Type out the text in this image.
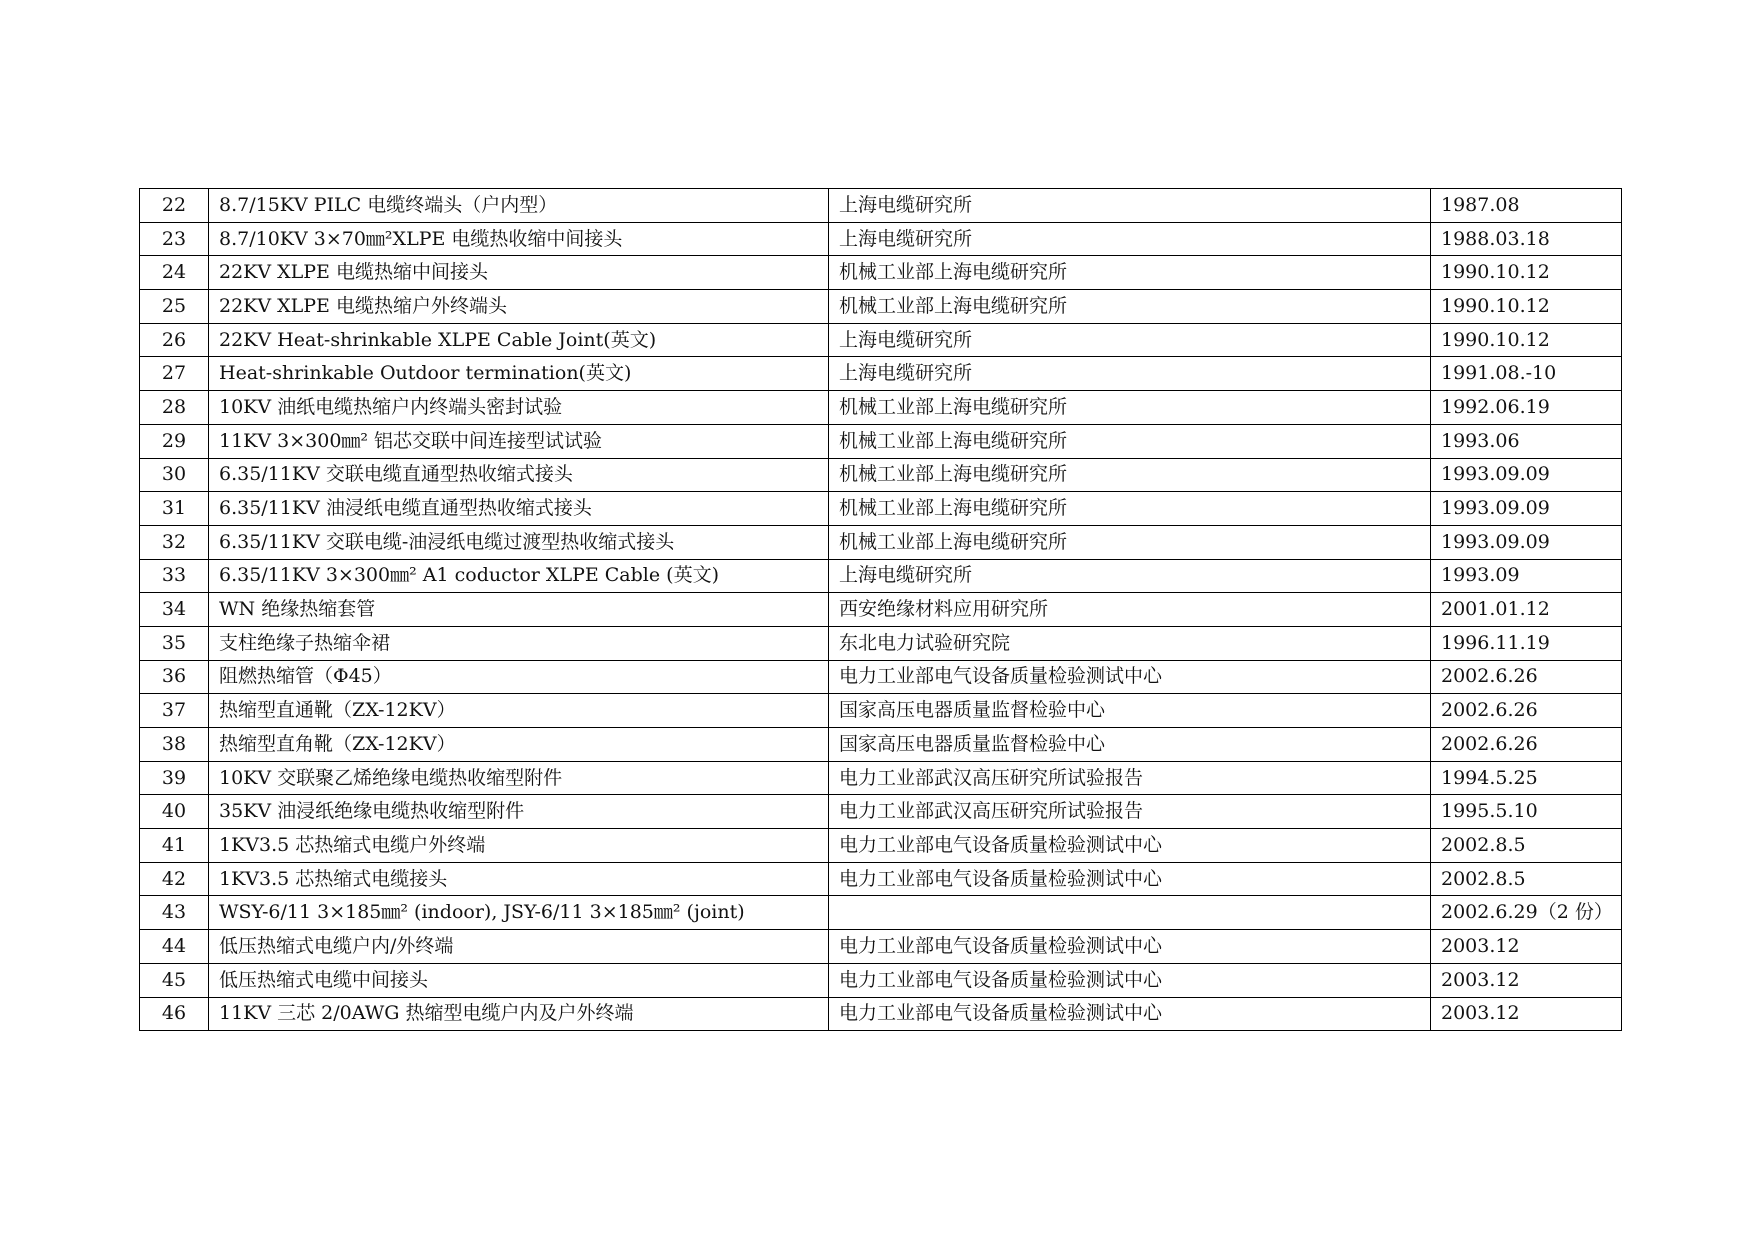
22	8.7/15KV PILC 电缆终端头（户内型）	上海电缆研究所	1987.08
23	8.7/10KV 3×70㎜²XLPE 电缆热收缩中间接头	上海电缆研究所	1988.03.18
24	22KV XLPE 电缆热缩中间接头	机械工业部上海电缆研究所	1990.10.12
25	22KV XLPE 电缆热缩户外终端头	机械工业部上海电缆研究所	1990.10.12
26	22KV Heat-shrinkable XLPE Cable Joint(英文)	上海电缆研究所	1990.10.12
27	Heat-shrinkable Outdoor termination(英文)	上海电缆研究所	1991.08.-10
28	10KV 油纸电缆热缩户内终端头密封试验	机械工业部上海电缆研究所	1992.06.19
29	11KV 3×300㎜² 铝芯交联中间连接型试试验	机械工业部上海电缆研究所	1993.06
30	6.35/11KV 交联电缆直通型热收缩式接头	机械工业部上海电缆研究所	1993.09.09
31	6.35/11KV 油浸纸电缆直通型热收缩式接头	机械工业部上海电缆研究所	1993.09.09
32	6.35/11KV 交联电缆-油浸纸电缆过渡型热收缩式接头	机械工业部上海电缆研究所	1993.09.09
33	6.35/11KV 3×300㎜² A1 coductor XLPE Cable (英文)	上海电缆研究所	1993.09
34	WN 绝缘热缩套管	西安绝缘材料应用研究所	2001.01.12
35	支柱绝缘子热缩伞裙	东北电力试验研究院	1996.11.19
36	阻燃热缩管（Φ45）	电力工业部电气设备质量检验测试中心	2002.6.26
37	热缩型直通靴（ZX-12KV）	国家高压电器质量监督检验中心	2002.6.26
38	热缩型直角靴（ZX-12KV）	国家高压电器质量监督检验中心	2002.6.26
39	10KV 交联聚乙烯绝缘电缆热收缩型附件	电力工业部武汉高压研究所试验报告	1994.5.25
40	35KV 油浸纸绝缘电缆热收缩型附件	电力工业部武汉高压研究所试验报告	1995.5.10
41	1KV3.5 芯热缩式电缆户外终端	电力工业部电气设备质量检验测试中心	2002.8.5
42	1KV3.5 芯热缩式电缆接头	电力工业部电气设备质量检验测试中心	2002.8.5
43	WSY-6/11 3×185㎜² (indoor), JSY-6/11 3×185㎜² (joint)		2002.6.29（2 份）
44	低压热缩式电缆户内/外终端	电力工业部电气设备质量检验测试中心	2003.12
45	低压热缩式电缆中间接头	电力工业部电气设备质量检验测试中心	2003.12
46	11KV 三芯 2/0AWG 热缩型电缆户内及户外终端	电力工业部电气设备质量检验测试中心	2003.12
